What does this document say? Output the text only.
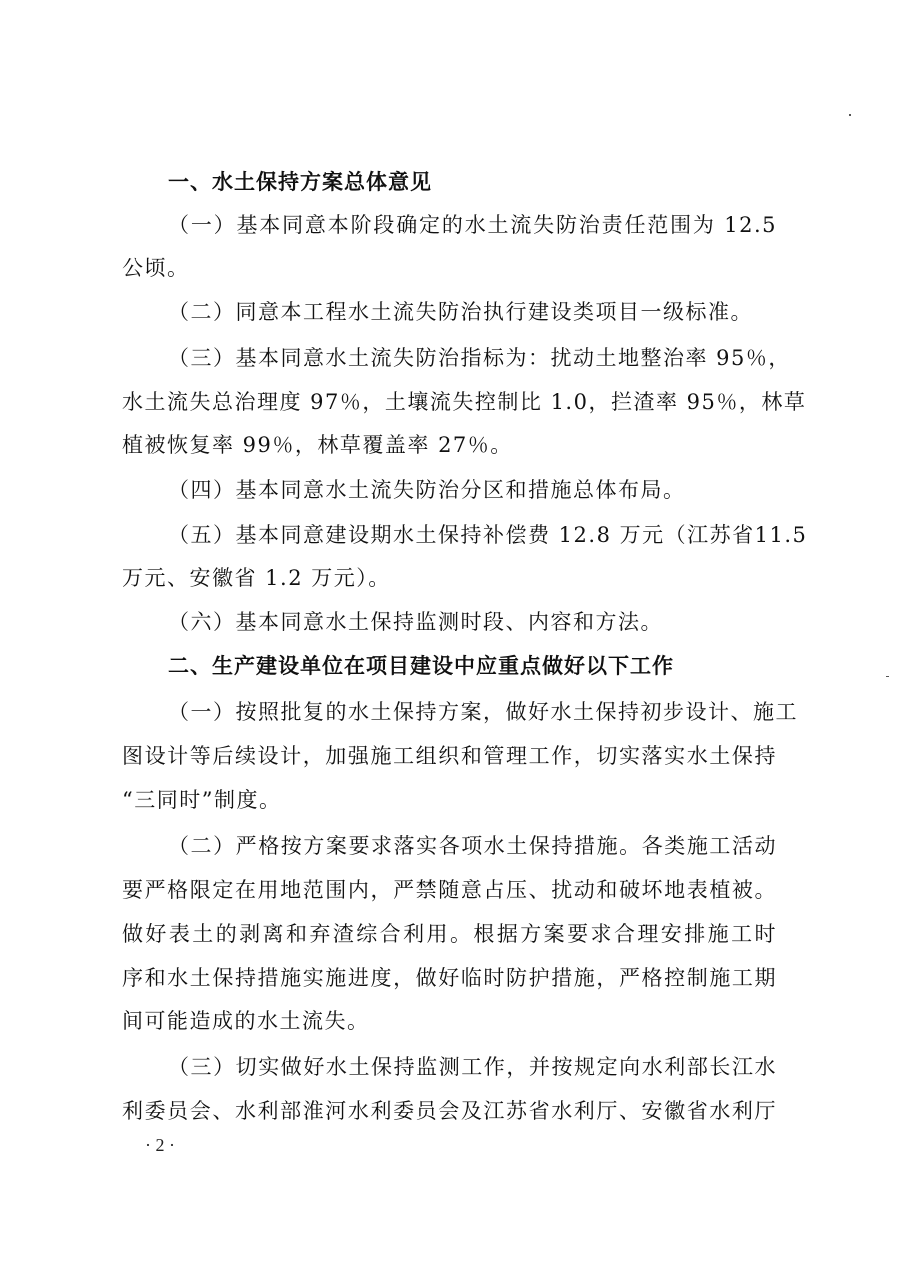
一、水土保持方案总体意见
（一）基本同意本阶段确定的水土流失防治责任范围为 12.5
公顷。
（二）同意本工程水土流失防治执行建设类项目一级标准。
（三）基本同意水土流失防治指标为：扰动土地整治率 95％，
水土流失总治理度 97％，土壤流失控制比 1.0，拦渣率 95％，林草
植被恢复率 99％，林草覆盖率 27％。
（四）基本同意水土流失防治分区和措施总体布局。
（五）基本同意建设期水土保持补偿费 12.8 万元（江苏省11.5
万元、安徽省 1.2 万元）。
（六）基本同意水土保持监测时段、内容和方法。
二、生产建设单位在项目建设中应重点做好以下工作
（一）按照批复的水土保持方案，做好水土保持初步设计、施工
图设计等后续设计，加强施工组织和管理工作，切实落实水土保持
“三同时”制度。
（二）严格按方案要求落实各项水土保持措施。各类施工活动
要严格限定在用地范围内，严禁随意占压、扰动和破坏地表植被。
做好表土的剥离和弃渣综合利用。根据方案要求合理安排施工时
序和水土保持措施实施进度，做好临时防护措施，严格控制施工期
间可能造成的水土流失。
（三）切实做好水土保持监测工作，并按规定向水利部长江水
利委员会、水利部淮河水利委员会及江苏省水利厅、安徽省水利厅
· 2 ·
